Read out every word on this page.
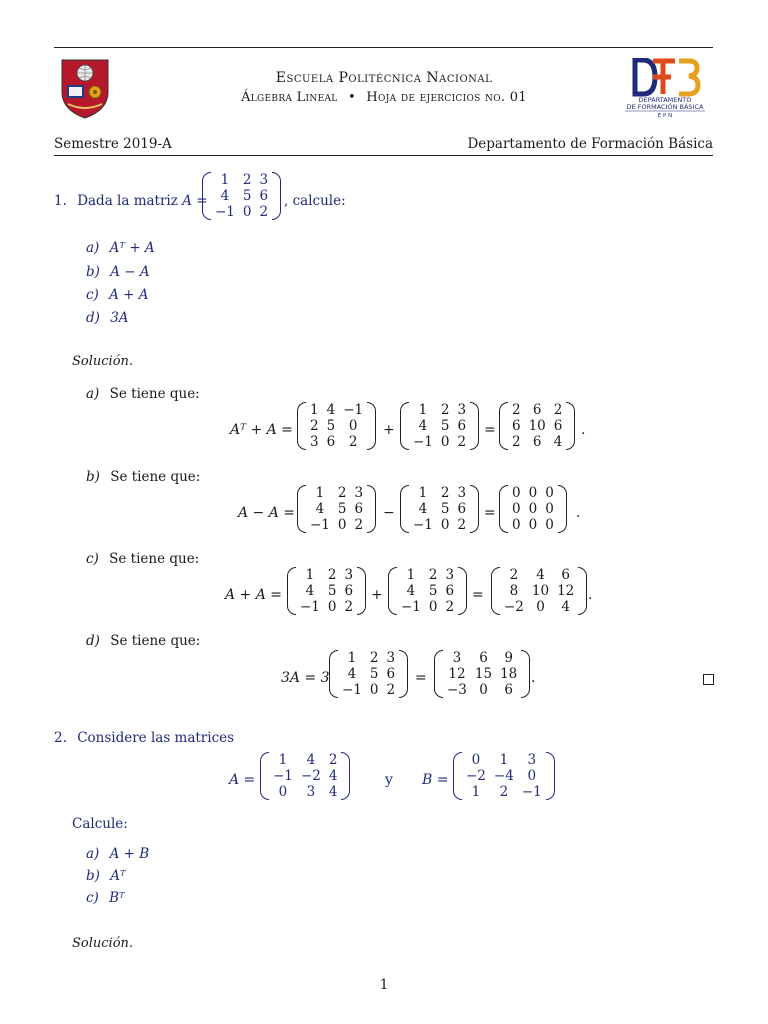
Escuela Politécnica Nacional
Álgebra Lineal • Hoja de ejercicios no. 01	DEPARTAMENTO
DE FORMACIÓN BÁSICA
E P N
Semestre 2019-A	Departamento de Formación Básica
1. Dada la matriz A =
1	2	3
4	5	6
−1	0	2
, calcule:
a) Aᵀ + A
b) A − A
c) A + A
d) 3A
Solución.
a) Se tiene que:
Aᵀ + A =
1	4	−1
2	5	0
3	6	2
+
1	2	3
4	5	6
−1	0	2
=
2	6	2
6	10	6
2	6	4
.
b) Se tiene que:
A − A =
1	2	3
4	5	6
−1	0	2
−
1	2	3
4	5	6
−1	0	2
=
0	0	0
0	0	0
0	0	0
.
c) Se tiene que:
A + A =
1	2	3
4	5	6
−1	0	2
+
1	2	3
4	5	6
−1	0	2
=
2	4	6
8	10	12
−2	0	4
.
d) Se tiene que:
3A = 3
1	2	3
4	5	6
−1	0	2
=
3	6	9
12	15	18
−3	0	6
.
2. Considere las matrices
A =
1	4	2
−1	−2	4
0	3	4
y B =
0	1	3
−2	−4	0
1	2	−1
Calcule:
a) A + B
b) Aᵀ
c) Bᵀ
Solución.
1
